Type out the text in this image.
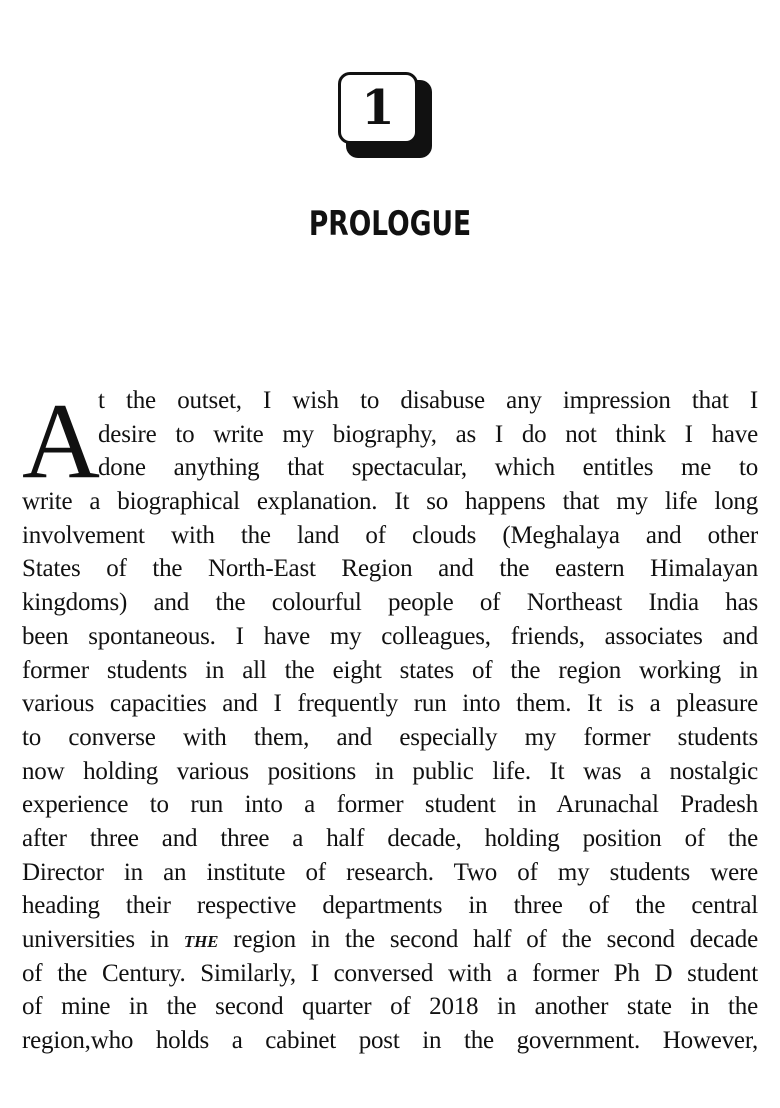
1
PROLOGUE
A
t the outset, I wish to disabuse any impression that I
desire to write my biography, as I do not think I have
done anything that spectacular, which entitles me to
write a biographical explanation. It so happens that my life long
involvement with the land of clouds (Meghalaya and other
States of the North-East Region and the eastern Himalayan
kingdoms) and the colourful people of Northeast India has
been spontaneous. I have my colleagues, friends, associates and
former students in all the eight states of the region working in
various capacities and I frequently run into them. It is a pleasure
to converse with them, and especially my former students
now holding various positions in public life. It was a nostalgic
experience to run into a former student in Arunachal Pradesh
after three and three a half decade, holding position of the
Director in an institute of research. Two of my students were
heading their respective departments in three of the central
universities in THE region in the second half of the second decade
of the Century. Similarly, I conversed with a former Ph D student
of mine in the second quarter of 2018 in another state in the
region,who holds a cabinet post in the government. However,
